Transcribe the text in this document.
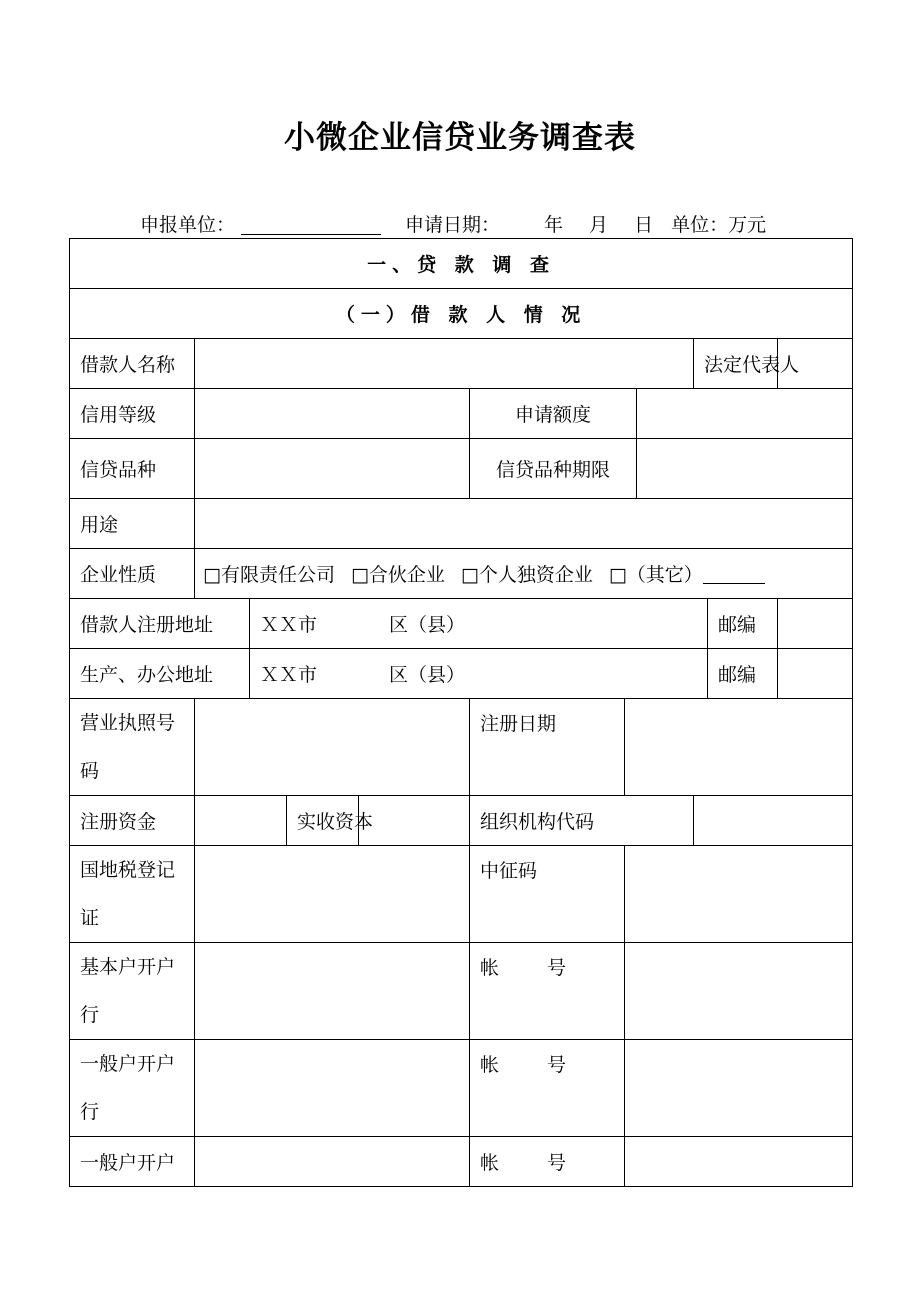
小微企业信贷业务调查表
申报单位：	申请日期： 年 月 日 单位：万元
一、贷 款 调 查										
（一）借 款 人 情 况										
借款人名称								法定代表人		
信用等级					申请额度					
信贷品种					信贷品种期限					
用途										
企业性质	□有限责任公司 □合伙企业 □个人独资企业 □（其它）									
借款人注册地址		ＸＸ市 区（县）							邮编	
生产、办公地址		ＸＸ市 区（县）							邮编	
营业执照号码					注册日期					
注册资金			实收资本		组织机构代码					
国地税登记证					中征码					
基本户开户行					帐 号					
一般户开户行					帐 号					
一般户开户					帐 号					
